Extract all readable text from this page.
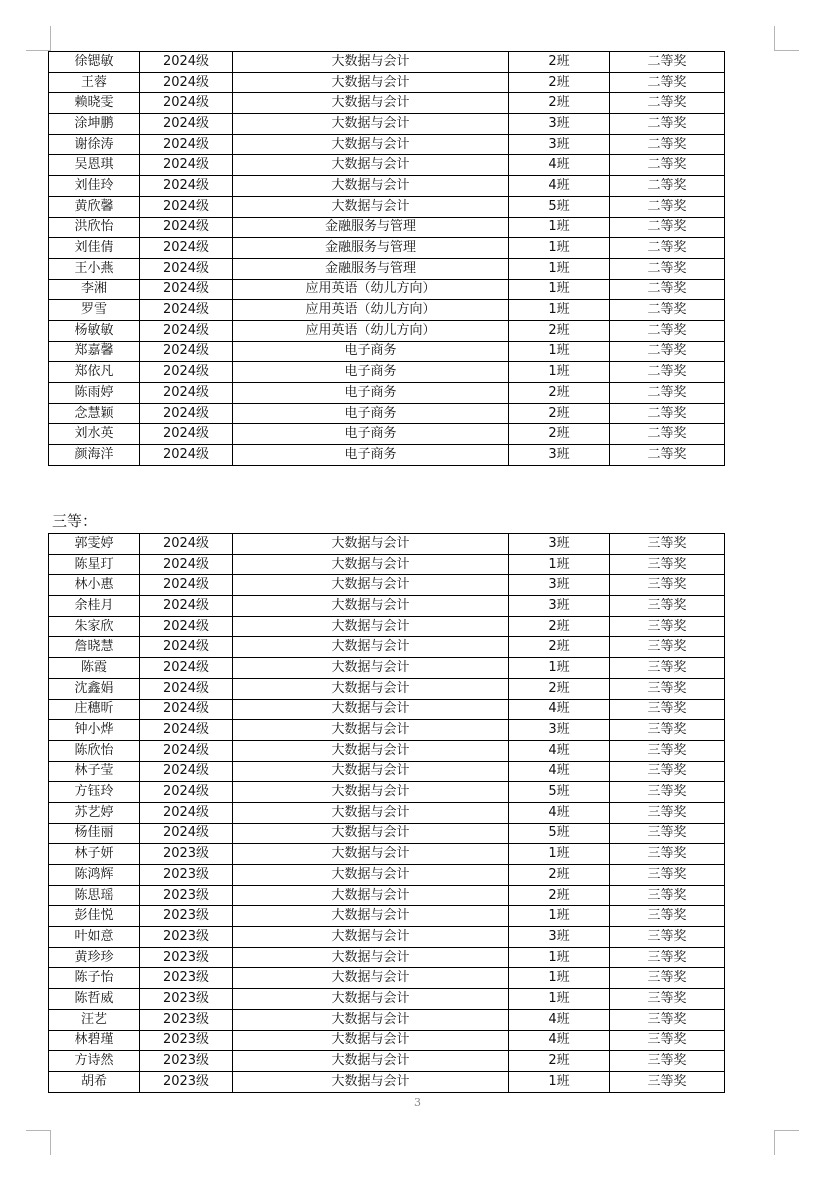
徐锶敏	2024级	大数据与会计	2班	二等奖
王蓉	2024级	大数据与会计	2班	二等奖
赖晓雯	2024级	大数据与会计	2班	二等奖
涂坤鹏	2024级	大数据与会计	3班	二等奖
谢徐涛	2024级	大数据与会计	3班	二等奖
吴恩琪	2024级	大数据与会计	4班	二等奖
刘佳玲	2024级	大数据与会计	4班	二等奖
黄欣馨	2024级	大数据与会计	5班	二等奖
洪欣怡	2024级	金融服务与管理	1班	二等奖
刘佳倩	2024级	金融服务与管理	1班	二等奖
王小燕	2024级	金融服务与管理	1班	二等奖
李湘	2024级	应用英语（幼儿方向）	1班	二等奖
罗雪	2024级	应用英语（幼儿方向）	1班	二等奖
杨敏敏	2024级	应用英语（幼儿方向）	2班	二等奖
郑嘉馨	2024级	电子商务	1班	二等奖
郑依凡	2024级	电子商务	1班	二等奖
陈雨婷	2024级	电子商务	2班	二等奖
念慧颖	2024级	电子商务	2班	二等奖
刘水英	2024级	电子商务	2班	二等奖
颜海洋	2024级	电子商务	3班	二等奖
三等：
郭雯婷	2024级	大数据与会计	3班	三等奖
陈星玎	2024级	大数据与会计	1班	三等奖
林小惠	2024级	大数据与会计	3班	三等奖
余桂月	2024级	大数据与会计	3班	三等奖
朱家欣	2024级	大数据与会计	2班	三等奖
詹晓慧	2024级	大数据与会计	2班	三等奖
陈霞	2024级	大数据与会计	1班	三等奖
沈鑫娟	2024级	大数据与会计	2班	三等奖
庄穗昕	2024级	大数据与会计	4班	三等奖
钟小烨	2024级	大数据与会计	3班	三等奖
陈欣怡	2024级	大数据与会计	4班	三等奖
林子莹	2024级	大数据与会计	4班	三等奖
方钰玲	2024级	大数据与会计	5班	三等奖
苏艺婷	2024级	大数据与会计	4班	三等奖
杨佳丽	2024级	大数据与会计	5班	三等奖
林子妍	2023级	大数据与会计	1班	三等奖
陈鸿辉	2023级	大数据与会计	2班	三等奖
陈思瑶	2023级	大数据与会计	2班	三等奖
彭佳悦	2023级	大数据与会计	1班	三等奖
叶如意	2023级	大数据与会计	3班	三等奖
黄珍珍	2023级	大数据与会计	1班	三等奖
陈子怡	2023级	大数据与会计	1班	三等奖
陈哲威	2023级	大数据与会计	1班	三等奖
汪艺	2023级	大数据与会计	4班	三等奖
林碧瑾	2023级	大数据与会计	4班	三等奖
方诗然	2023级	大数据与会计	2班	三等奖
胡希	2023级	大数据与会计	1班	三等奖
3
